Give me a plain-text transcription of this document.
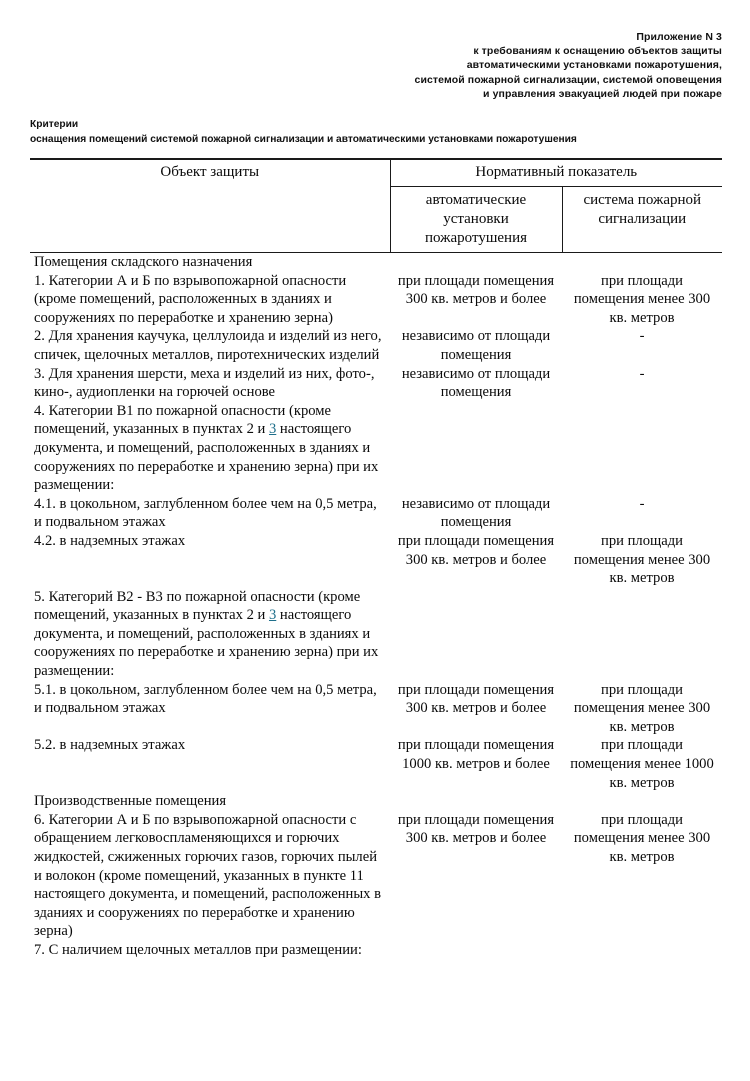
Приложение N 3
к требованиям к оснащению объектов защиты
автоматическими установками пожаротушения,
системой пожарной сигнализации, системой оповещения
и управления эвакуацией людей при пожаре
Критерии
оснащения помещений системой пожарной сигнализации и автоматическими установками пожаротушения
Объект защиты	Нормативный показатель	
	автоматические установки пожаротушения	система пожарной сигнализации
Помещения складского назначения		
1. Категории А и Б по взрывопожарной опасности (кроме помещений, расположенных в зданиях и сооружениях по переработке и хранению зерна)	при площади помещения 300 кв. метров и более	при площади помещения менее 300 кв. метров
2. Для хранения каучука, целлулоида и изделий из него, спичек, щелочных металлов, пиротехнических изделий	независимо от площади помещения	-
3. Для хранения шерсти, меха и изделий из них, фото-, кино-, аудиопленки на горючей основе	независимо от площади помещения	-
4. Категории В1 по пожарной опасности (кроме помещений, указанных в пунктах 2 и 3 настоящего документа, и помещений, расположенных в зданиях и сооружениях по переработке и хранению зерна) при их размещении:		
4.1. в цокольном, заглубленном более чем на 0,5 метра, и подвальном этажах	независимо от площади помещения	-
4.2. в надземных этажах	при площади помещения 300 кв. метров и более	при площади помещения менее 300 кв. метров

5. Категорий В2 - В3 по пожарной опасности (кроме помещений, указанных в пунктах 2 и 3 настоящего документа, и помещений, расположенных в зданиях и сооружениях по переработке и хранению зерна) при их размещении:		
5.1. в цокольном, заглубленном более чем на 0,5 метра, и подвальном этажах	при площади помещения 300 кв. метров и более	при площади помещения менее 300 кв. метров
5.2. в надземных этажах	при площади помещения 1000 кв. метров и более	при площади помещения менее 1000 кв. метров

Производственные помещения		
6. Категории А и Б по взрывопожарной опасности с обращением легковоспламеняющихся и горючих жидкостей, сжиженных горючих газов, горючих пылей и волокон (кроме помещений, указанных в пункте 11 настоящего документа, и помещений, расположенных в зданиях и сооружениях по переработке и хранению зерна)	при площади помещения 300 кв. метров и более	при площади помещения менее 300 кв. метров
7. С наличием щелочных металлов при размещении:		
